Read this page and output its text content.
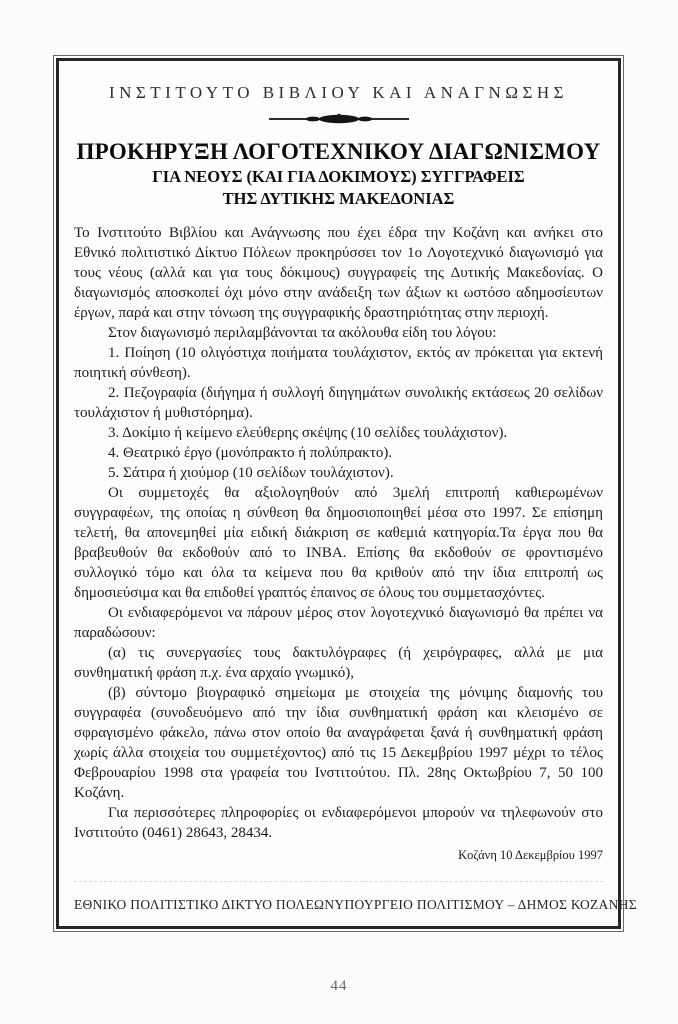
ΙΝΣΤΙΤΟΥΤΟ ΒΙΒΛΙΟΥ ΚΑΙ ΑΝΑΓΝΩΣΗΣ
ΠΡΟΚΗΡΥΞΗ ΛΟΓΟΤΕΧΝΙΚΟΥ ΔΙΑΓΩΝΙΣΜΟΥ
ΓΙΑ ΝΕΟΥΣ (ΚΑΙ ΓΙΑ ΔΟΚΙΜΟΥΣ) ΣΥΓΓΡΑΦΕΙΣ
ΤΗΣ ΔΥΤΙΚΗΣ ΜΑΚΕΔΟΝΙΑΣ

Το Ινστιτούτο Βιβλίου και Ανάγνωσης που έχει έδρα την Κοζάνη και ανήκει στο Εθνικό πολιτιστικό Δίκτυο Πόλεων προκηρύσσει τον 1ο Λογοτεχνικό διαγωνισμό για τους νέους (αλλά και για τους δόκιμους) συγγραφείς της Δυτικής Μακεδονίας. Ο διαγωνισμός αποσκοπεί όχι μόνο στην ανάδειξη των άξιων κι ωστόσο αδημοσίευτων έργων, παρά και στην τόνωση της συγγραφικής δραστηριότητας στην περιοχή.

Στον διαγωνισμό περιλαμβάνονται τα ακόλουθα είδη του λόγου:

1. Ποίηση (10 ολιγόστιχα ποιήματα τουλάχιστον, εκτός αν πρόκειται για εκτενή ποιητική σύνθεση).

2. Πεζογραφία (διήγημα ή συλλογή διηγημάτων συνολικής εκτάσεως 20 σελίδων τουλάχιστον ή μυθιστόρημα).

3. Δοκίμιο ή κείμενο ελεύθερης σκέψης (10 σελίδες τουλάχιστον).

4. Θεατρικό έργο (μονόπρακτο ή πολύπρακτο).

5. Σάτιρα ή χιούμορ (10 σελίδων τουλάχιστον).

Οι συμμετοχές θα αξιολογηθούν από 3μελή επιτροπή καθιερωμένων συγγραφέων, της οποίας η σύνθεση θα δημοσιοποιηθεί μέσα στο 1997. Σε επίσημη τελετή, θα απονεμηθεί μία ειδική διάκριση σε καθεμιά κατηγορία.Τα έργα που θα βραβευθούν θα εκδοθούν από το ΙΝΒΑ. Επίσης θα εκδοθούν σε φροντισμένο συλλογικό τόμο και όλα τα κείμενα που θα κριθούν από την ίδια επιτροπή ως δημοσιεύσιμα και θα επιδοθεί γραπτός έπαινος σε όλους του συμμετασχόντες.

Οι ενδιαφερόμενοι να πάρουν μέρος στον λογοτεχνικό διαγωνισμό θα πρέπει να παραδώσουν:

(α) τις συνεργασίες τους δακτυλόγραφες (ή χειρόγραφες, αλλά με μια συνθηματική φράση π.χ. ένα αρχαίο γνωμικό),

(β) σύντομο βιογραφικό σημείωμα με στοιχεία της μόνιμης διαμονής του συγγραφέα (συνοδευόμενο από την ίδια συνθηματική φράση και κλεισμένο σε σφραγισμένο φάκελο, πάνω στον οποίο θα αναγράφεται ξανά ή συνθηματική φράση χωρίς άλλα στοιχεία του συμμετέχοντος) από τις 15 Δεκεμβρίου 1997 μέχρι το τέλος Φεβρουαρίου 1998 στα γραφεία του Ινστιτούτου. Πλ. 28ης Οκτωβρίου 7, 50 100 Κοζάνη.

Για περισσότερες πληροφορίες οι ενδιαφερόμενοι μπορούν να τηλεφωνούν στο Ινστιτούτο (0461) 28643, 28434.

Κοζάνη 10 Δεκεμβρίου 1997
ΕΘΝΙΚΟ ΠΟΛΙΤΙΣΤΙΚΟ ΔΙΚΤΥΟ ΠΟΛΕΩΝ ΥΠΟΥΡΓΕΙΟ ΠΟΛΙΤΙΣΜΟΥ – ΔΗΜΟΣ ΚΟΖΑΝΗΣ
44
